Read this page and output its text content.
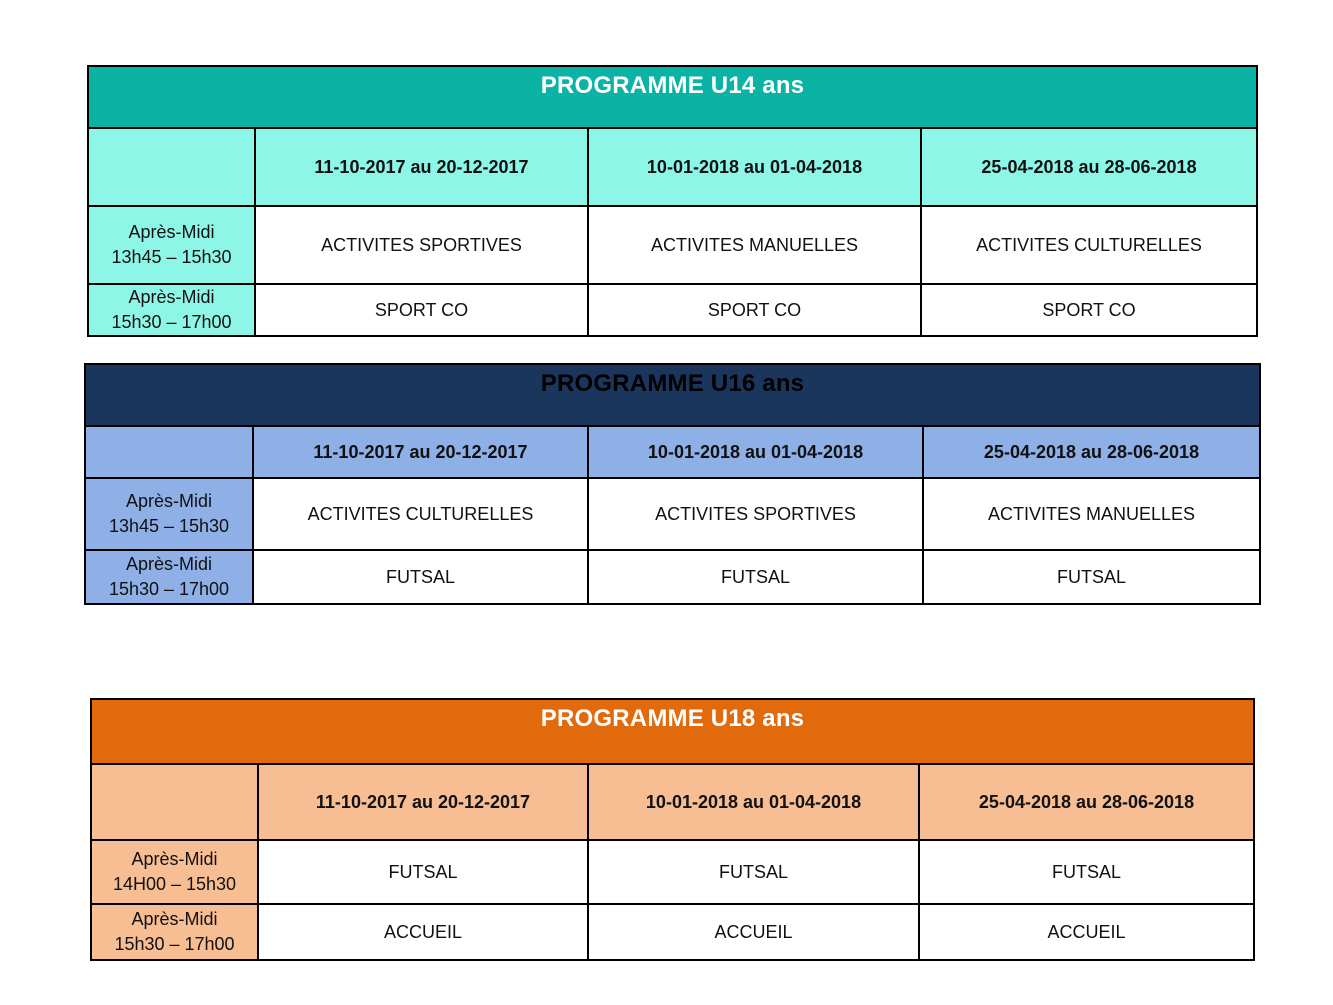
PROGRAMME U14 ans			
	11-10-2017 au 20-12-2017	10-01-2018 au 01-04-2018	25-04-2018 au 28-06-2018

Après-Midi
13h45 – 15h30	ACTIVITES SPORTIVES	ACTIVITES MANUELLES	ACTIVITES CULTURELLES

Après-Midi
15h30 – 17h00	SPORT CO	SPORT CO	SPORT CO
PROGRAMME U16 ans			
	11-10-2017 au 20-12-2017	10-01-2018 au 01-04-2018	25-04-2018 au 28-06-2018

Après-Midi
13h45 – 15h30	ACTIVITES CULTURELLES	ACTIVITES SPORTIVES	ACTIVITES MANUELLES

Après-Midi
15h30 – 17h00	FUTSAL	FUTSAL	FUTSAL
PROGRAMME U18 ans			
	11-10-2017 au 20-12-2017	10-01-2018 au 01-04-2018	25-04-2018 au 28-06-2018

Après-Midi
14H00 – 15h30	FUTSAL	FUTSAL	FUTSAL

Après-Midi
15h30 – 17h00	ACCUEIL	ACCUEIL	ACCUEIL
